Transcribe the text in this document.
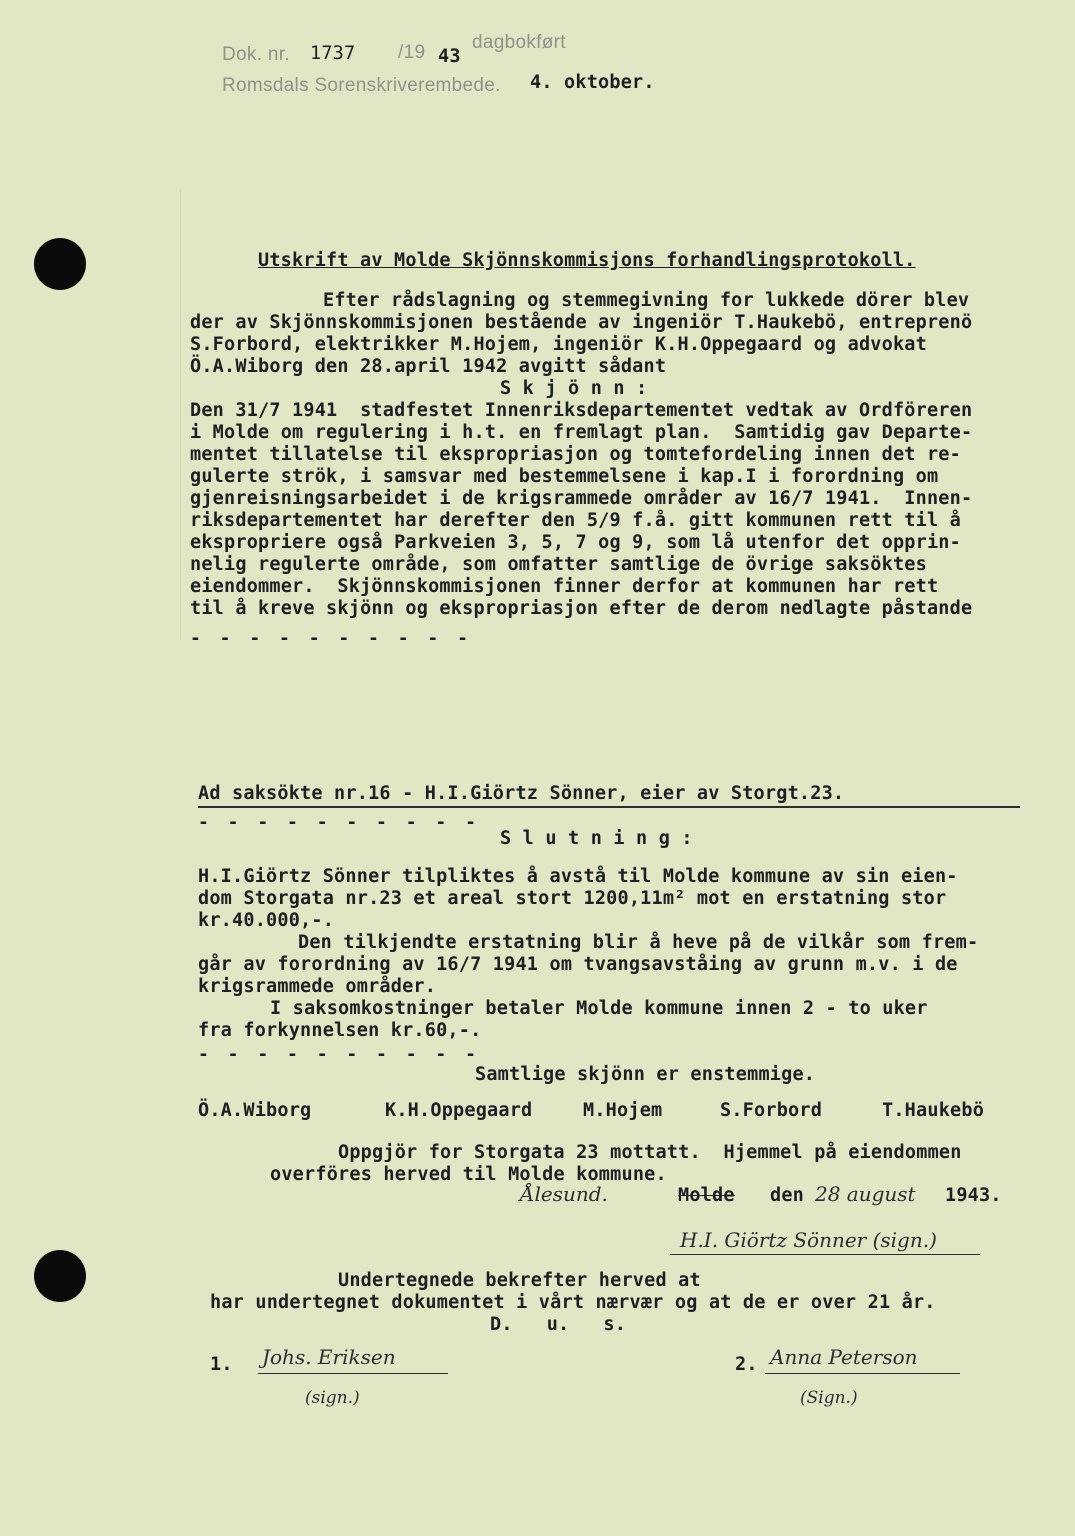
Dok. nr. 1737 /19 43
dagbokført
Romsdals Sorenskriverembede. 4. oktober.
Utskrift av Molde Skjönnskommisjons forhandlingsprotokoll.
Efter rådslagning og stemmegivning for lukkede dörer blev
der av Skjönnskommisjonen bestående av ingeniör T.Haukebö, entreprenö
S.Forbord, elektrikker M.Hojem, ingeniör K.H.Oppegaard og advokat
Ö.A.Wiborg den 28.april 1942 avgitt sådant
S k j ö n n :
Den 31/7 1941  stadfestet Innenriksdepartementet vedtak av Ordföreren
i Molde om regulering i h.t. en fremlagt plan.  Samtidig gav Departe-
mentet tillatelse til ekspropriasjon og tomtefordeling innen det re-
gulerte strök, i samsvar med bestemmelsene i kap.I i forordning om
gjenreisningsarbeidet i de krigsrammede områder av 16/7 1941.  Innen-
riksdepartementet har derefter den 5/9 f.å. gitt kommunen rett til å
ekspropriere også Parkveien 3, 5, 7 og 9, som lå utenfor det opprin-
nelig regulerte område, som omfatter samtlige de övrige saksöktes
eiendommer.  Skjönnskommisjonen finner derfor at kommunen har rett
til å kreve skjönn og ekspropriasjon efter de derom nedlagte påstande
- - - - - - - - - -
Ad saksökte nr.16 - H.I.Giörtz Sönner, eier av Storgt.23.
- - - - - - - - - -
S l u t n i n g :
H.I.Giörtz Sönner tilpliktes å avstå til Molde kommune av sin eien-
dom Storgata nr.23 et areal stort 1200,11m² mot en erstatning stor
kr.40.000,-.
Den tilkjendte erstatning blir å heve på de vilkår som frem-
går av forordning av 16/7 1941 om tvangsavståing av grunn m.v. i de
krigsrammede områder.
I saksomkostninger betaler Molde kommune innen 2 - to uker
fra forkynnelsen kr.60,-.
- - - - - - - - - -
Samtlige skjönn er enstemmige.
Ö.A.Wiborg	K.H.Oppegaard	M.Hojem	S.Forbord	T.Haukebö
Oppgjör for Storgata 23 mottatt.  Hjemmel på eiendommen
overföres herved til Molde kommune.
Ålesund.	Molde den 28 august 1943.
H.I. Giörtz Sönner (sign.)
Undertegnede bekrefter herved at
har undertegnet dokumentet i vårt nærvær og at de er over 21 år.
D.   u.   s.
1. Johs. Eriksen
(sign.)
2. Anna Peterson
(Sign.)
